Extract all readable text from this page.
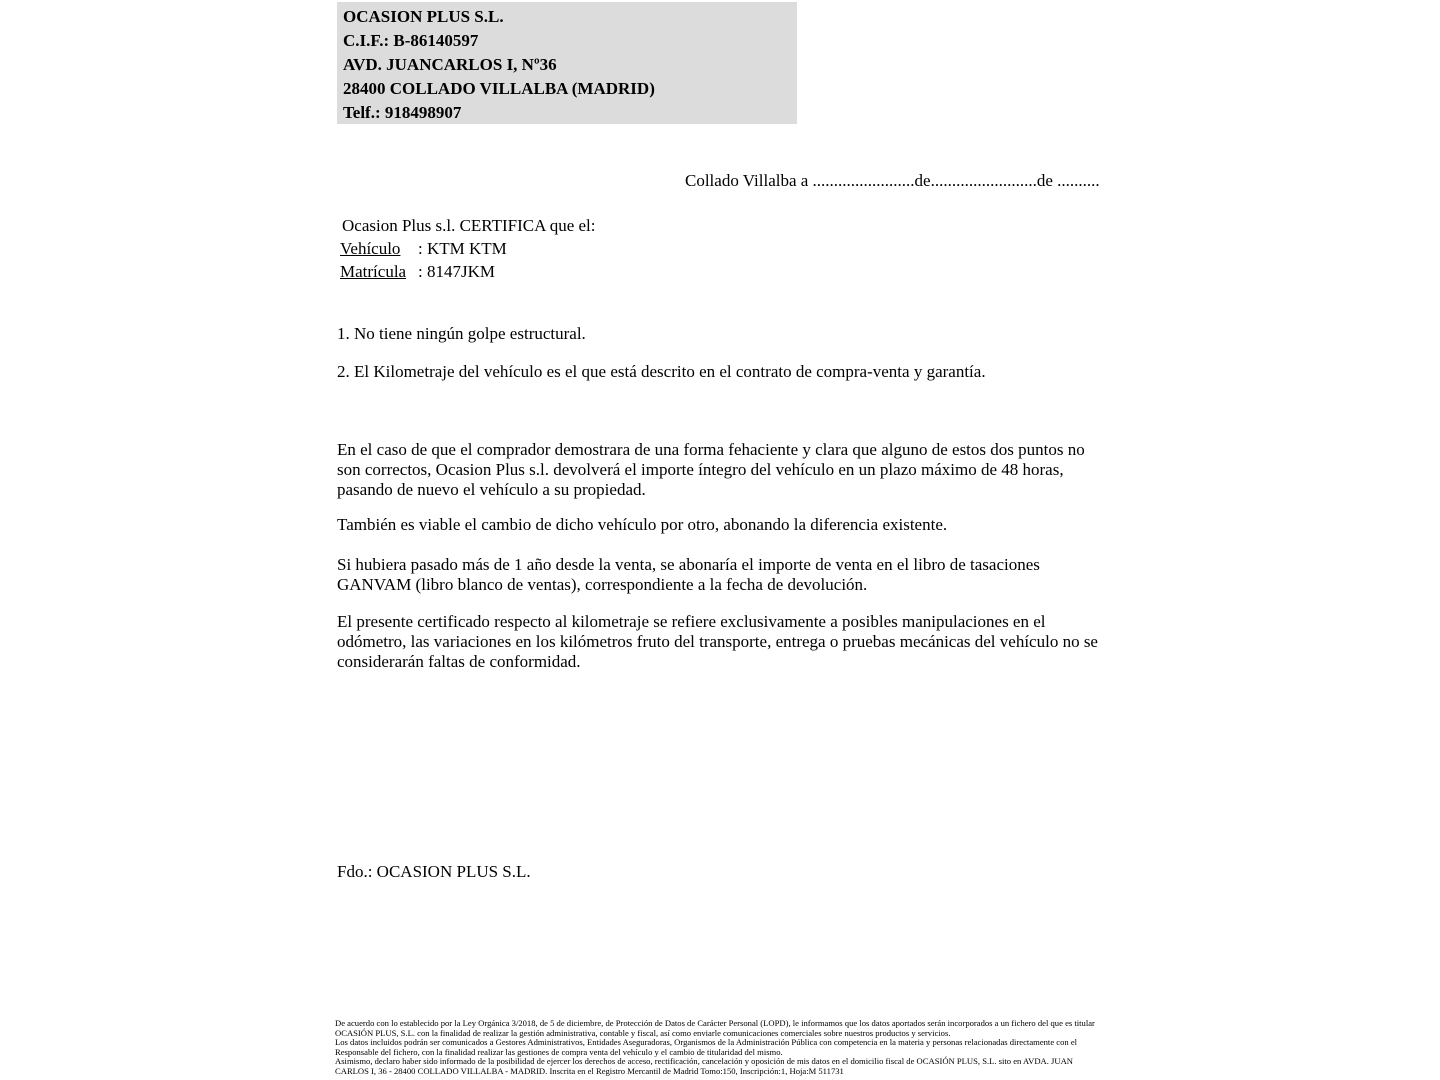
OCASION PLUS S.L.
C.I.F.: B-86140597
AVD. JUANCARLOS I, Nº36
28400 COLLADO VILLALBA (MADRID)
Telf.: 918498907
Collado Villalba a ........................de.........................de ..........
Ocasion Plus s.l. CERTIFICA que el:
Vehículo : KTM KTM
Matrícula : 8147JKM
1. No tiene ningún golpe estructural.
2. El Kilometraje del vehículo es el que está descrito en el contrato de compra-venta y garantía.
En el caso de que el comprador demostrara de una forma fehaciente y clara que alguno de estos dos puntos no son correctos, Ocasion Plus s.l. devolverá el importe íntegro del vehículo en un plazo máximo de 48 horas, pasando de nuevo el vehículo a su propiedad.
También es viable el cambio de dicho vehículo por otro, abonando la diferencia existente.
Si hubiera pasado más de 1 año desde la venta, se abonaría el importe de venta en el libro de tasaciones GANVAM (libro blanco de ventas), correspondiente a la fecha de devolución.
El presente certificado respecto al kilometraje se refiere exclusivamente a posibles manipulaciones en el odómetro, las variaciones en los kilómetros fruto del transporte, entrega o pruebas mecánicas del vehículo no se considerarán faltas de conformidad.
Fdo.: OCASION PLUS S.L.

De acuerdo con lo establecido por la Ley Orgánica 3/2018, de 5 de diciembre, de Protección de Datos de Carácter Personal (LOPD), le informamos que los datos aportados serán incorporados a un fichero del que es titular OCASIÓN PLUS, S.L. con la finalidad de realizar la gestión administrativa, contable y fiscal, así como enviarle comunicaciones comerciales sobre nuestros productos y servicios.

Los datos incluidos podrán ser comunicados a Gestores Administrativos, Entidades Aseguradoras, Organismos de la Administración Pública con competencia en la materia y personas relacionadas directamente con el Responsable del fichero, con la finalidad realizar las gestiones de compra venta del vehículo y el cambio de titularidad del mismo.

Asimismo, declaro haber sido informado de la posibilidad de ejercer los derechos de acceso, rectificación, cancelación y oposición de mis datos en el domicilio fiscal de OCASIÓN PLUS, S.L. sito en AVDA. JUAN CARLOS I, 36 - 28400 COLLADO VILLALBA - MADRID. Inscrita en el Registro Mercantil de Madrid Tomo:150, Inscripción:1, Hoja:M 511731
